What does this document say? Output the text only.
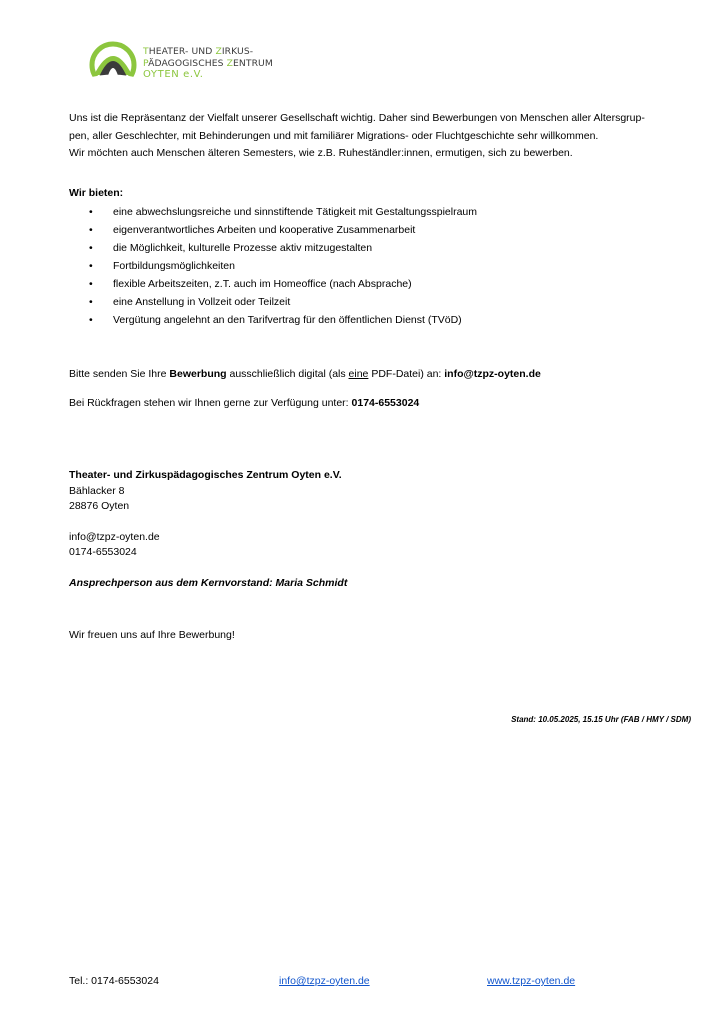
THEATER- UND ZIRKUS-
PÄDAGOGISCHES ZENTRUM
OYTEN e.V.

Uns ist die Repräsentanz der Vielfalt unserer Gesellschaft wichtig. Daher sind Bewerbungen von Menschen aller Altersgrup-
pen, aller Geschlechter, mit Behinderungen und mit familiärer Migrations- oder Fluchtgeschichte sehr willkommen.

Wir möchten auch Menschen älteren Semesters, wie z.B. Ruheständler:innen, ermutigen, sich zu bewerben.

Wir bieten:

• eine abwechslungsreiche und sinnstiftende Tätigkeit mit Gestaltungsspielraum
• eigenverantwortliches Arbeiten und kooperative Zusammenarbeit
• die Möglichkeit, kulturelle Prozesse aktiv mitzugestalten
• Fortbildungsmöglichkeiten
• flexible Arbeitszeiten, z.T. auch im Homeoffice (nach Absprache)
• eine Anstellung in Vollzeit oder Teilzeit
• Vergütung angelehnt an den Tarifvertrag für den öffentlichen Dienst (TVöD)

Bitte senden Sie Ihre Bewerbung ausschließlich digital (als eine PDF-Datei) an: info@tzpz-oyten.de

Bei Rückfragen stehen wir Ihnen gerne zur Verfügung unter: 0174-6553024

Theater- und Zirkuspädagogisches Zentrum Oyten e.V.

Bählacker 8

28876 Oyten

info@tzpz-oyten.de

0174-6553024

Ansprechperson aus dem Kernvorstand: Maria Schmidt

Wir freuen uns auf Ihre Bewerbung!
Stand: 10.05.2025, 15.15 Uhr (FAB / HMY / SDM)
Tel.: 0174-6553024	info@tzpz-oyten.de	www.tzpz-oyten.de
